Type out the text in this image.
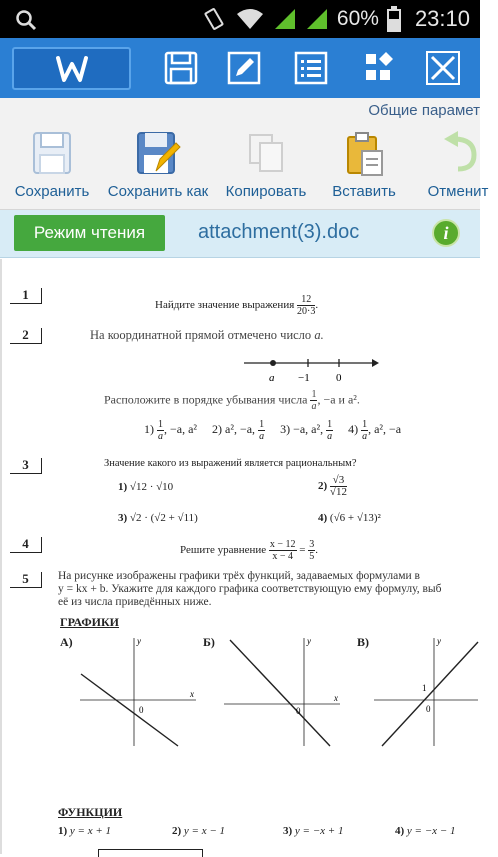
60% 23:10
Общие парамет
Сохранить Сохранить как Копировать Вставить Отменит
Режим чтения	attachment(3).doc	i
1
Найдите значение выражения $\frac{12}{20\cdot 3}$ .
2	На координатной прямой отмечено число a.
a −1 0
Расположите в порядке убывания числа $\frac{1}{a}$ , −a и a².
$1) \frac{1}{a}$ , −a, a² 2) a², −a, $\frac{1}{a} 3) -a$, a², $\frac{1}{a} 4) \frac{1}{a}$ , a², −a
3	Значение какого из выражений является рациональным?
1) √12 · √10	$2) \frac{√3}{√12}$
3) √2 · (√2 + √11)	4) (√6 + √13)²
4	Решите уравнение $\frac{x - 12}{x - 4} = \frac{3}{5}$ .
5	На рисунке изображены графики трёх функций, задаваемых формулами в
y = kx + b. Укажите для каждого графика соответствующую ему формулу, выб
её из числа приведённых ниже.
ГРАФИКИ
А)	Б)	В)
y
x
0
y
x
0
y
1
0
ФУНКЦИИ
1) y = x + 1	2) y = x − 1	3) y = −x + 1	4) y = −x − 1
